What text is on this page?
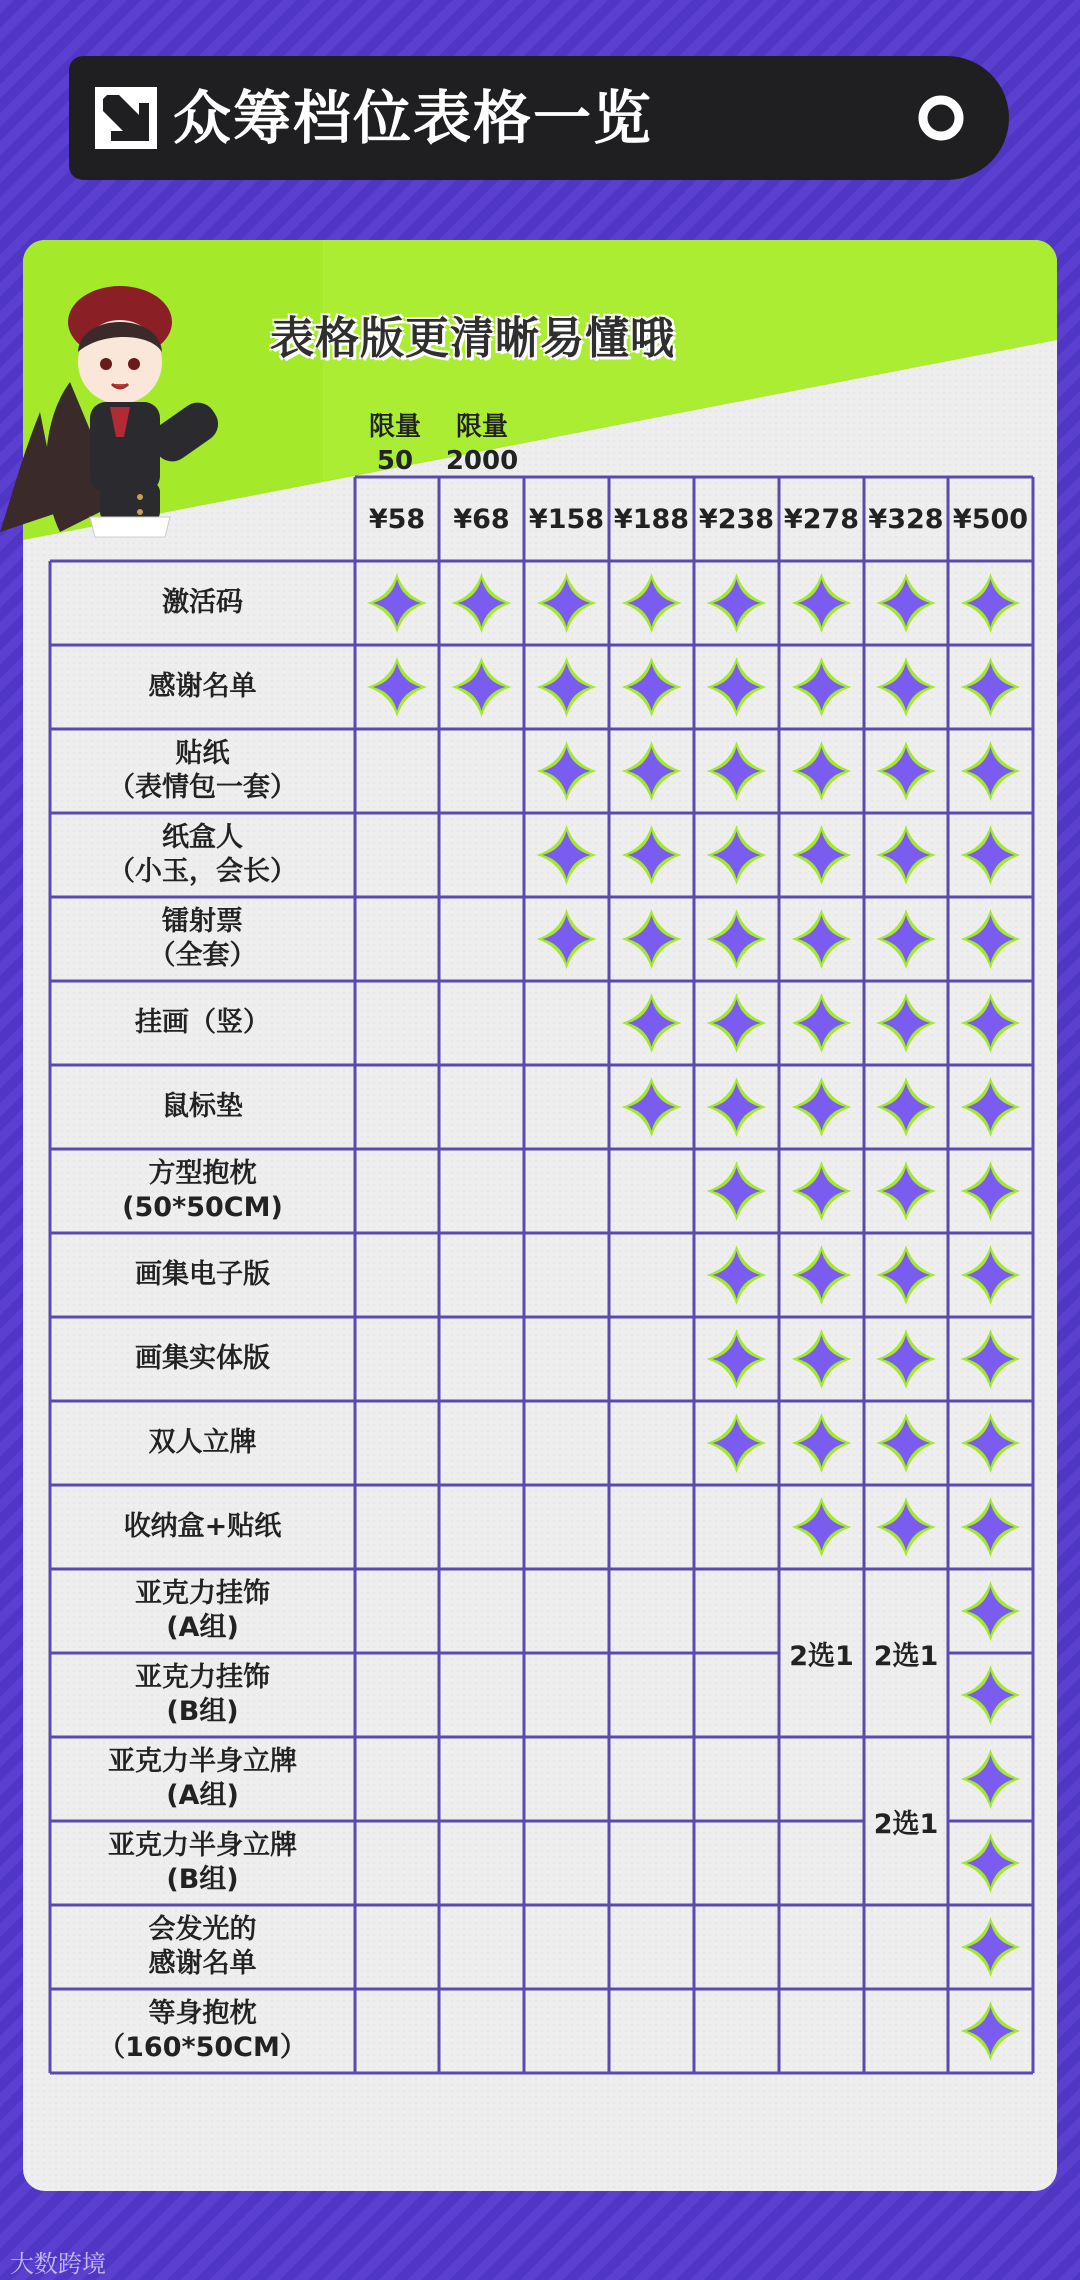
众筹档位表格一览
表格版更清晰易懂哦
限量
50
限量
2000
¥58	¥68 ¥158 ¥188 ¥238 ¥278 ¥328 ¥500
激活码
感谢名单
贴纸
（表情包一套）
纸盒人
（小玉，会长）
镭射票
（全套）
挂画（竖）
鼠标垫
方型抱枕
(50*50CM)
画集电子版
画集实体版
双人立牌
收纳盒+贴纸
亚克力挂饰
(A组)
亚克力挂饰
(B组)
亚克力半身立牌
(A组)
亚克力半身立牌
(B组)
会发光的
感谢名单
等身抱枕
（160*50CM）
2选1 2选1
2选1
大数跨境
